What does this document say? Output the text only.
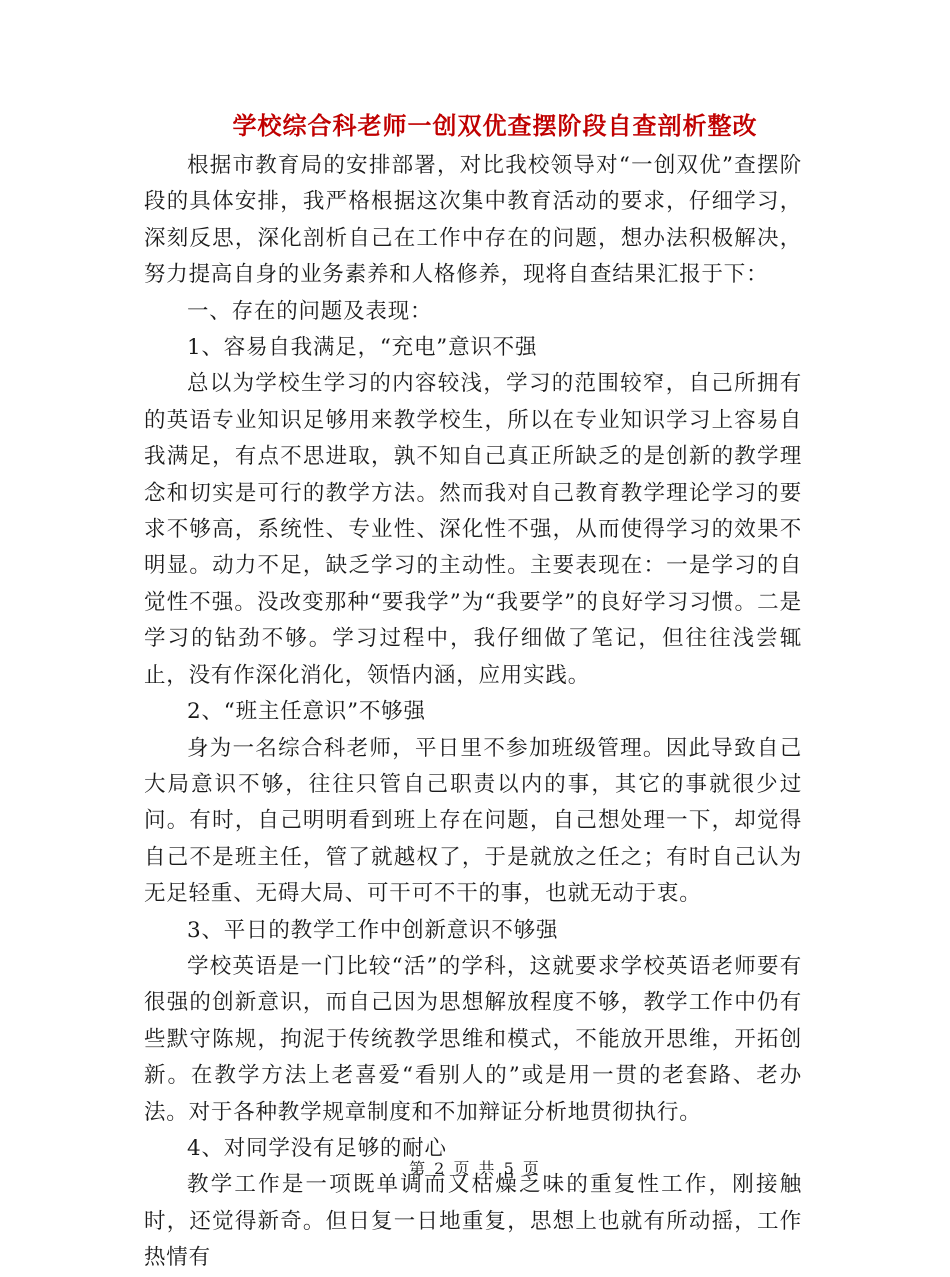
学校综合科老师一创双优查摆阶段自查剖析整改

根据市教育局的安排部署，对比我校领导对“一创双优”查摆阶段的具体安排，我严格根据这次集中教育活动的要求，仔细学习，深刻反思，深化剖析自己在工作中存在的问题，想办法积极解决，努力提高自身的业务素养和人格修养，现将自查结果汇报于下：

一、存在的问题及表现：

1、容易自我满足，“充电”意识不强

总以为学校生学习的内容较浅，学习的范围较窄，自己所拥有的英语专业知识足够用来教学校生，所以在专业知识学习上容易自我满足，有点不思进取，孰不知自己真正所缺乏的是创新的教学理念和切实是可行的教学方法。然而我对自己教育教学理论学习的要求不够高，系统性、专业性、深化性不强，从而使得学习的效果不明显。动力不足，缺乏学习的主动性。主要表现在：一是学习的自觉性不强。没改变那种“要我学”为“我要学”的良好学习习惯。二是学习的钻劲不够。学习过程中，我仔细做了笔记，但往往浅尝辄止，没有作深化消化，领悟内涵，应用实践。

2、“班主任意识”不够强

身为一名综合科老师，平日里不参加班级管理。因此导致自己大局意识不够，往往只管自己职责以内的事，其它的事就很少过问。有时，自己明明看到班上存在问题，自己想处理一下，却觉得自己不是班主任，管了就越权了，于是就放之任之；有时自己认为无足轻重、无碍大局、可干可不干的事，也就无动于衷。

3、平日的教学工作中创新意识不够强

学校英语是一门比较“活”的学科，这就要求学校英语老师要有很强的创新意识，而自己因为思想解放程度不够，教学工作中仍有些默守陈规，拘泥于传统教学思维和模式，不能放开思维，开拓创新。在教学方法上老喜爱“看别人的”或是用一贯的老套路、老办法。对于各种教学规章制度和不加辩证分析地贯彻执行。

4、对同学没有足够的耐心

教学工作是一项既单调而又枯燥乏味的重复性工作，刚接触时，还觉得新奇。但日复一日地重复，思想上也就有所动摇，工作热情有

第 2 页 共 5 页
